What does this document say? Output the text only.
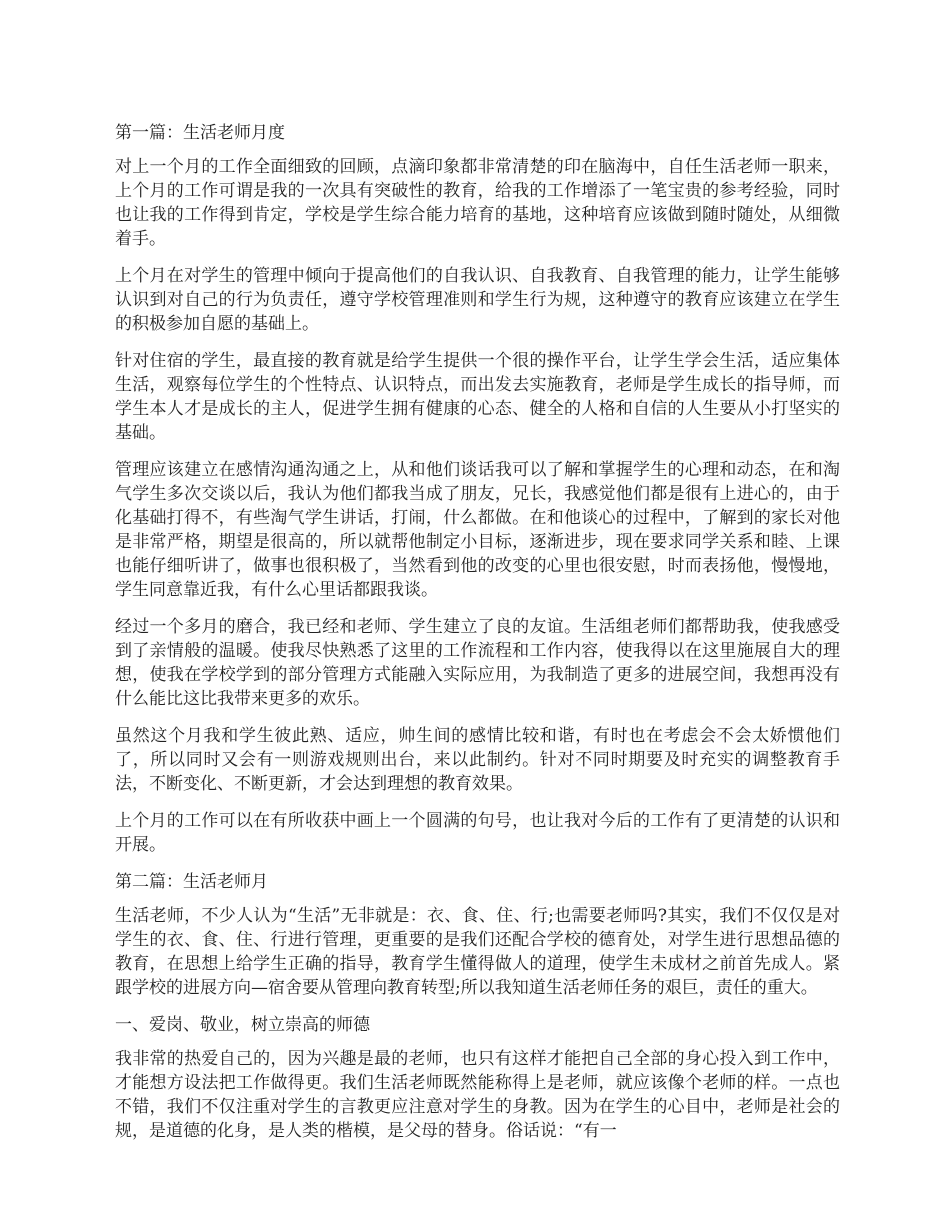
第一篇：生活老师月度

对上一个月的工作全面细致的回顾，点滴印象都非常清楚的印在脑海中，自任生活老师一职来，上个月的工作可谓是我的一次具有突破性的教育，给我的工作增添了一笔宝贵的参考经验，同时也让我的工作得到肯定，学校是学生综合能力培育的基地，这种培育应该做到随时随处，从细微着手。

上个月在对学生的管理中倾向于提高他们的自我认识、自我教育、自我管理的能力，让学生能够认识到对自己的行为负责任，遵守学校管理准则和学生行为规，这种遵守的教育应该建立在学生的积极参加自愿的基础上。

针对住宿的学生，最直接的教育就是给学生提供一个很的操作平台，让学生学会生活，适应集体生活，观察每位学生的个性特点、认识特点，而出发去实施教育，老师是学生成长的指导师，而学生本人才是成长的主人，促进学生拥有健康的心态、健全的人格和自信的人生要从小打坚实的基础。

管理应该建立在感情沟通沟通之上，从和他们谈话我可以了解和掌握学生的心理和动态，在和淘气学生多次交谈以后，我认为他们都我当成了朋友，兄长，我感觉他们都是很有上进心的，由于化基础打得不，有些淘气学生讲话，打闹，什么都做。在和他谈心的过程中，了解到的家长对他是非常严格，期望是很高的，所以就帮他制定小目标，逐渐进步，现在要求同学关系和睦、上课也能仔细听讲了，做事也很积极了，当然看到他的改变的心里也很安慰，时而表扬他，慢慢地，学生同意靠近我，有什么心里话都跟我谈。

经过一个多月的磨合，我已经和老师、学生建立了良的友谊。生活组老师们都帮助我，使我感受到了亲情般的温暖。使我尽快熟悉了这里的工作流程和工作内容，使我得以在这里施展自大的理想，使我在学校学到的部分管理方式能融入实际应用，为我制造了更多的进展空间，我想再没有什么能比这比我带来更多的欢乐。

虽然这个月我和学生彼此熟、适应，帅生间的感情比较和谐，有时也在考虑会不会太娇惯他们了，所以同时又会有一则游戏规则出台，来以此制约。针对不同时期要及时充实的调整教育手法，不断变化、不断更新，才会达到理想的教育效果。

上个月的工作可以在有所收获中画上一个圆满的句号，也让我对今后的工作有了更清楚的认识和开展。

第二篇：生活老师月

生活老师，不少人认为“生活”无非就是：衣、食、住、行;也需要老师吗?其实，我们不仅仅是对学生的衣、食、住、行进行管理，更重要的是我们还配合学校的德育处，对学生进行思想品德的教育，在思想上给学生正确的指导，教育学生懂得做人的道理，使学生未成材之前首先成人。紧跟学校的进展方向—宿舍要从管理向教育转型;所以我知道生活老师任务的艰巨，责任的重大。

一、爱岗、敬业，树立崇高的师德

我非常的热爱自己的，因为兴趣是最的老师，也只有这样才能把自己全部的身心投入到工作中，才能想方设法把工作做得更。我们生活老师既然能称得上是老师，就应该像个老师的样。一点也不错，我们不仅注重对学生的言教更应注意对学生的身教。因为在学生的心目中，老师是社会的规，是道德的化身，是人类的楷模，是父母的替身。俗话说：“有一
